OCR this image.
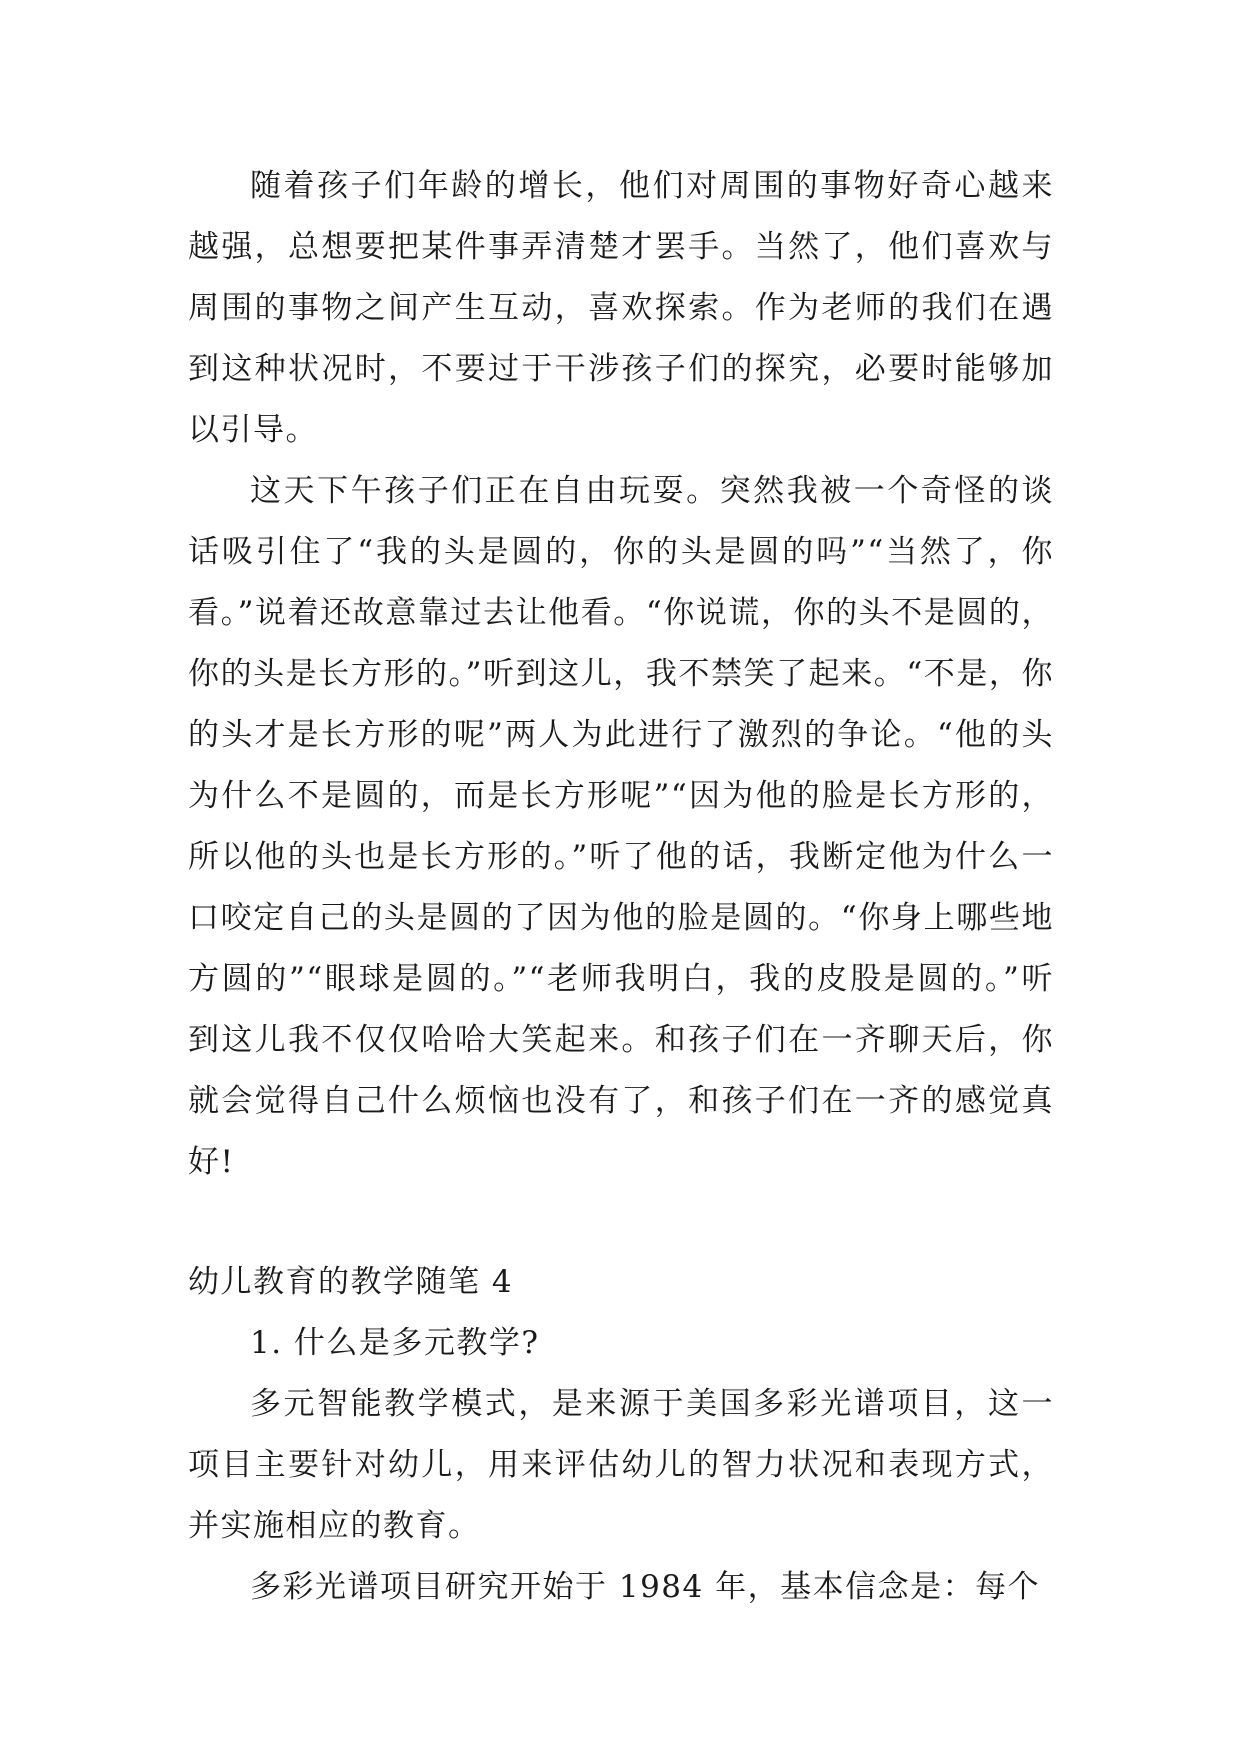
随着孩子们年龄的增长，他们对周围的事物好奇心越来越强，总想要把某件事弄清楚才罢手。当然了，他们喜欢与周围的事物之间产生互动，喜欢探索。作为老师的我们在遇到这种状况时，不要过于干涉孩子们的探究，必要时能够加以引导。

这天下午孩子们正在自由玩耍。突然我被一个奇怪的谈话吸引住了“我的头是圆的，你的头是圆的吗”“当然了，你看。”说着还故意靠过去让他看。“你说谎，你的头不是圆的，你的头是长方形的。”听到这儿，我不禁笑了起来。“不是，你的头才是长方形的呢”两人为此进行了激烈的争论。“他的头为什么不是圆的，而是长方形呢”“因为他的脸是长方形的，所以他的头也是长方形的。”听了他的话，我断定他为什么一口咬定自己的头是圆的了因为他的脸是圆的。“你身上哪些地方圆的”“眼球是圆的。”“老师我明白，我的皮股是圆的。”听到这儿我不仅仅哈哈大笑起来。和孩子们在一齐聊天后，你就会觉得自己什么烦恼也没有了，和孩子们在一齐的感觉真好!

幼儿教育的教学随笔 4

1. 什么是多元教学?

多元智能教学模式，是来源于美国多彩光谱项目，这一项目主要针对幼儿，用来评估幼儿的智力状况和表现方式，并实施相应的教育。

多彩光谱项目研究开始于 1984 年，基本信念是：每个
